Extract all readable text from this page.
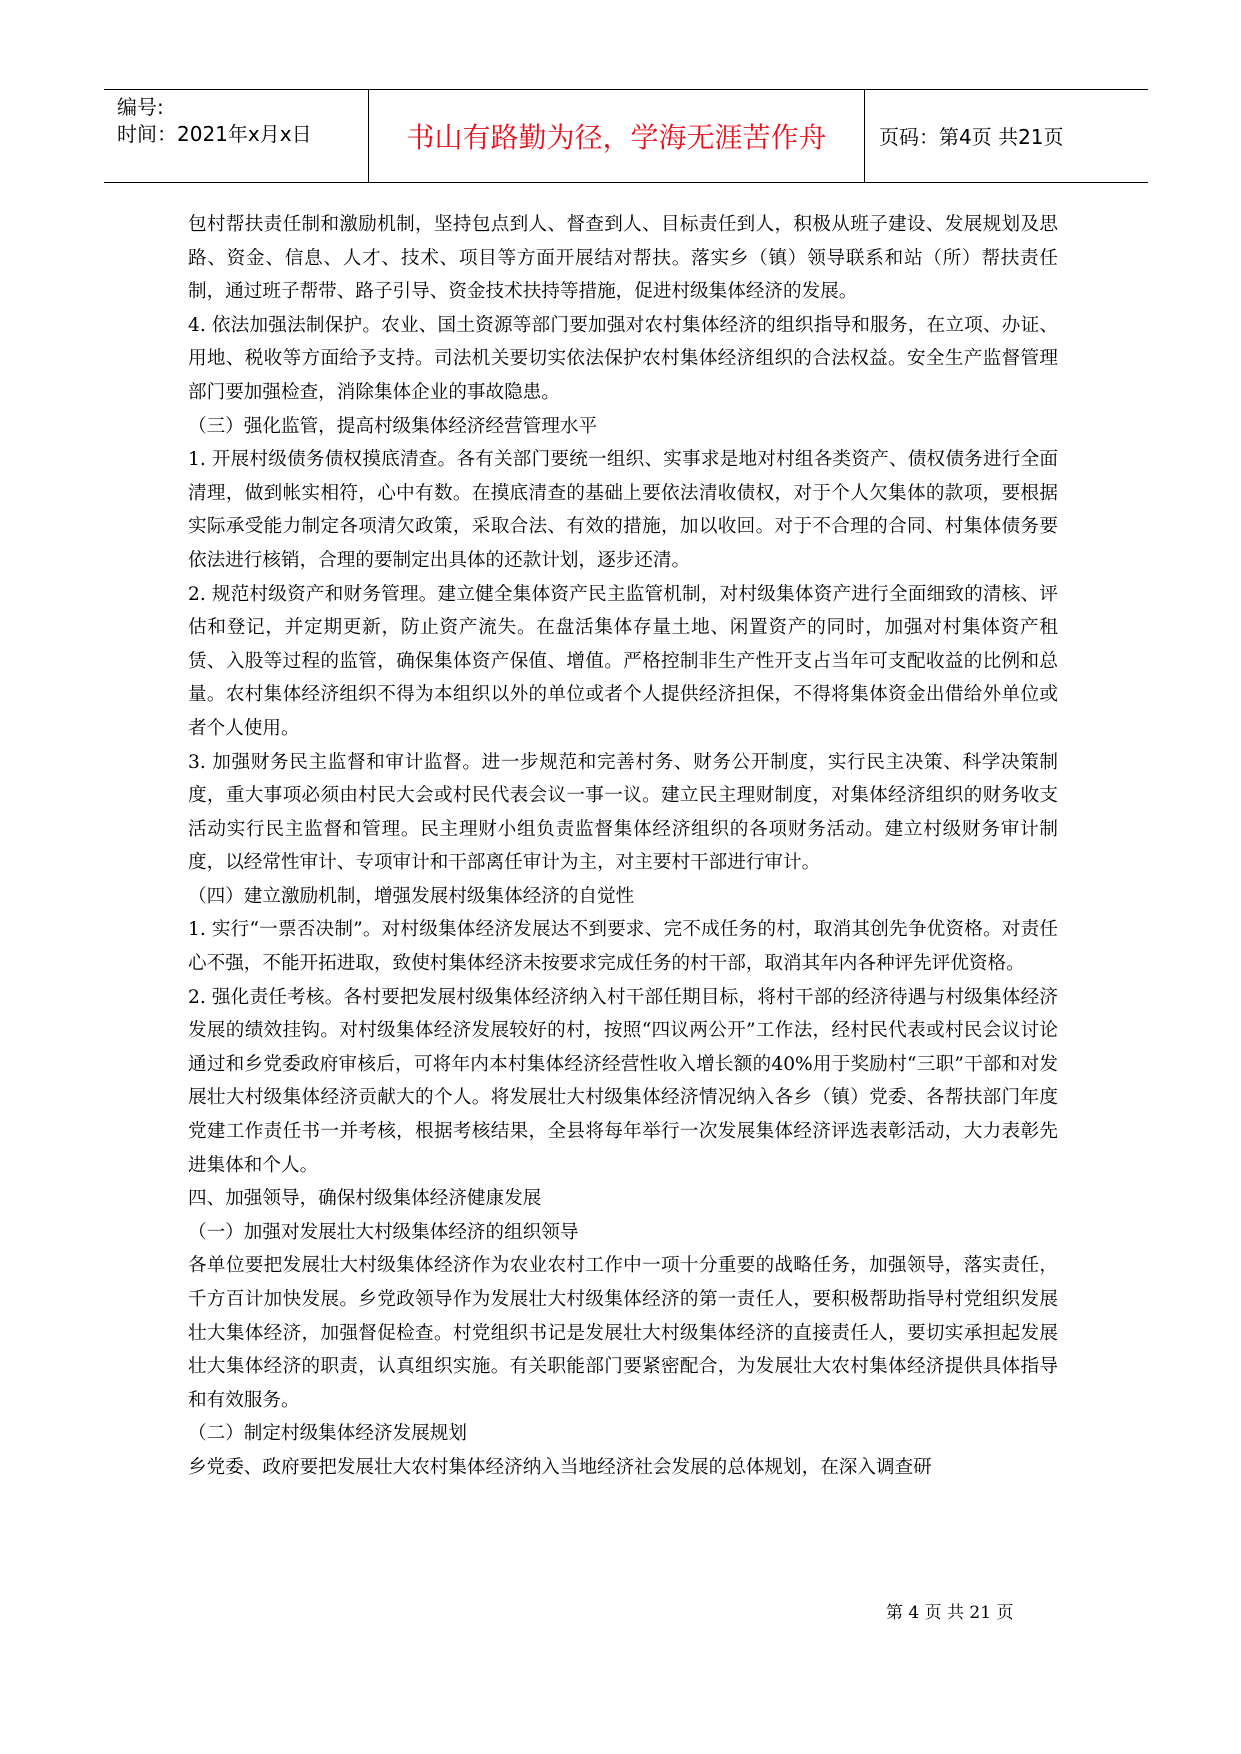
编号:
时间：2021年x月x日	书山有路勤为径，学海无涯苦作舟	页码：第4页 共21页

包村帮扶责任制和激励机制，坚持包点到人、督查到人、目标责任到人，积极从班子建设、发展规划及思路、资金、信息、人才、技术、项目等方面开展结对帮扶。落实乡（镇）领导联系和站（所）帮扶责任制，通过班子帮带、路子引导、资金技术扶持等措施，促进村级集体经济的发展。

4. 依法加强法制保护。农业、国土资源等部门要加强对农村集体经济的组织指导和服务，在立项、办证、用地、税收等方面给予支持。司法机关要切实依法保护农村集体经济组织的合法权益。安全生产监督管理部门要加强检查，消除集体企业的事故隐患。

（三）强化监管，提高村级集体经济经营管理水平

1. 开展村级债务债权摸底清查。各有关部门要统一组织、实事求是地对村组各类资产、债权债务进行全面清理，做到帐实相符，心中有数。在摸底清查的基础上要依法清收债权，对于个人欠集体的款项，要根据实际承受能力制定各项清欠政策，采取合法、有效的措施，加以收回。对于不合理的合同、村集体债务要依法进行核销，合理的要制定出具体的还款计划，逐步还清。

2. 规范村级资产和财务管理。建立健全集体资产民主监管机制，对村级集体资产进行全面细致的清核、评估和登记，并定期更新，防止资产流失。在盘活集体存量土地、闲置资产的同时，加强对村集体资产租赁、入股等过程的监管，确保集体资产保值、增值。严格控制非生产性开支占当年可支配收益的比例和总量。农村集体经济组织不得为本组织以外的单位或者个人提供经济担保，不得将集体资金出借给外单位或者个人使用。

3. 加强财务民主监督和审计监督。进一步规范和完善村务、财务公开制度，实行民主决策、科学决策制度，重大事项必须由村民大会或村民代表会议一事一议。建立民主理财制度，对集体经济组织的财务收支活动实行民主监督和管理。民主理财小组负责监督集体经济组织的各项财务活动。建立村级财务审计制度，以经常性审计、专项审计和干部离任审计为主，对主要村干部进行审计。

（四）建立激励机制，增强发展村级集体经济的自觉性

1. 实行“一票否决制”。对村级集体经济发展达不到要求、完不成任务的村，取消其创先争优资格。对责任心不强，不能开拓进取，致使村集体经济未按要求完成任务的村干部，取消其年内各种评先评优资格。

2. 强化责任考核。各村要把发展村级集体经济纳入村干部任期目标，将村干部的经济待遇与村级集体经济发展的绩效挂钩。对村级集体经济发展较好的村，按照“四议两公开”工作法，经村民代表或村民会议讨论通过和乡党委政府审核后，可将年内本村集体经济经营性收入增长额的40%用于奖励村“三职”干部和对发展壮大村级集体经济贡献大的个人。将发展壮大村级集体经济情况纳入各乡（镇）党委、各帮扶部门年度党建工作责任书一并考核，根据考核结果，全县将每年举行一次发展集体经济评选表彰活动，大力表彰先进集体和个人。

四、加强领导，确保村级集体经济健康发展

（一）加强对发展壮大村级集体经济的组织领导

各单位要把发展壮大村级集体经济作为农业农村工作中一项十分重要的战略任务，加强领导，落实责任，千方百计加快发展。乡党政领导作为发展壮大村级集体经济的第一责任人，要积极帮助指导村党组织发展壮大集体经济，加强督促检查。村党组织书记是发展壮大村级集体经济的直接责任人，要切实承担起发展壮大集体经济的职责，认真组织实施。有关职能部门要紧密配合，为发展壮大农村集体经济提供具体指导和有效服务。

（二）制定村级集体经济发展规划

乡党委、政府要把发展壮大农村集体经济纳入当地经济社会发展的总体规划，在深入调查研

第 4 页 共 21 页
